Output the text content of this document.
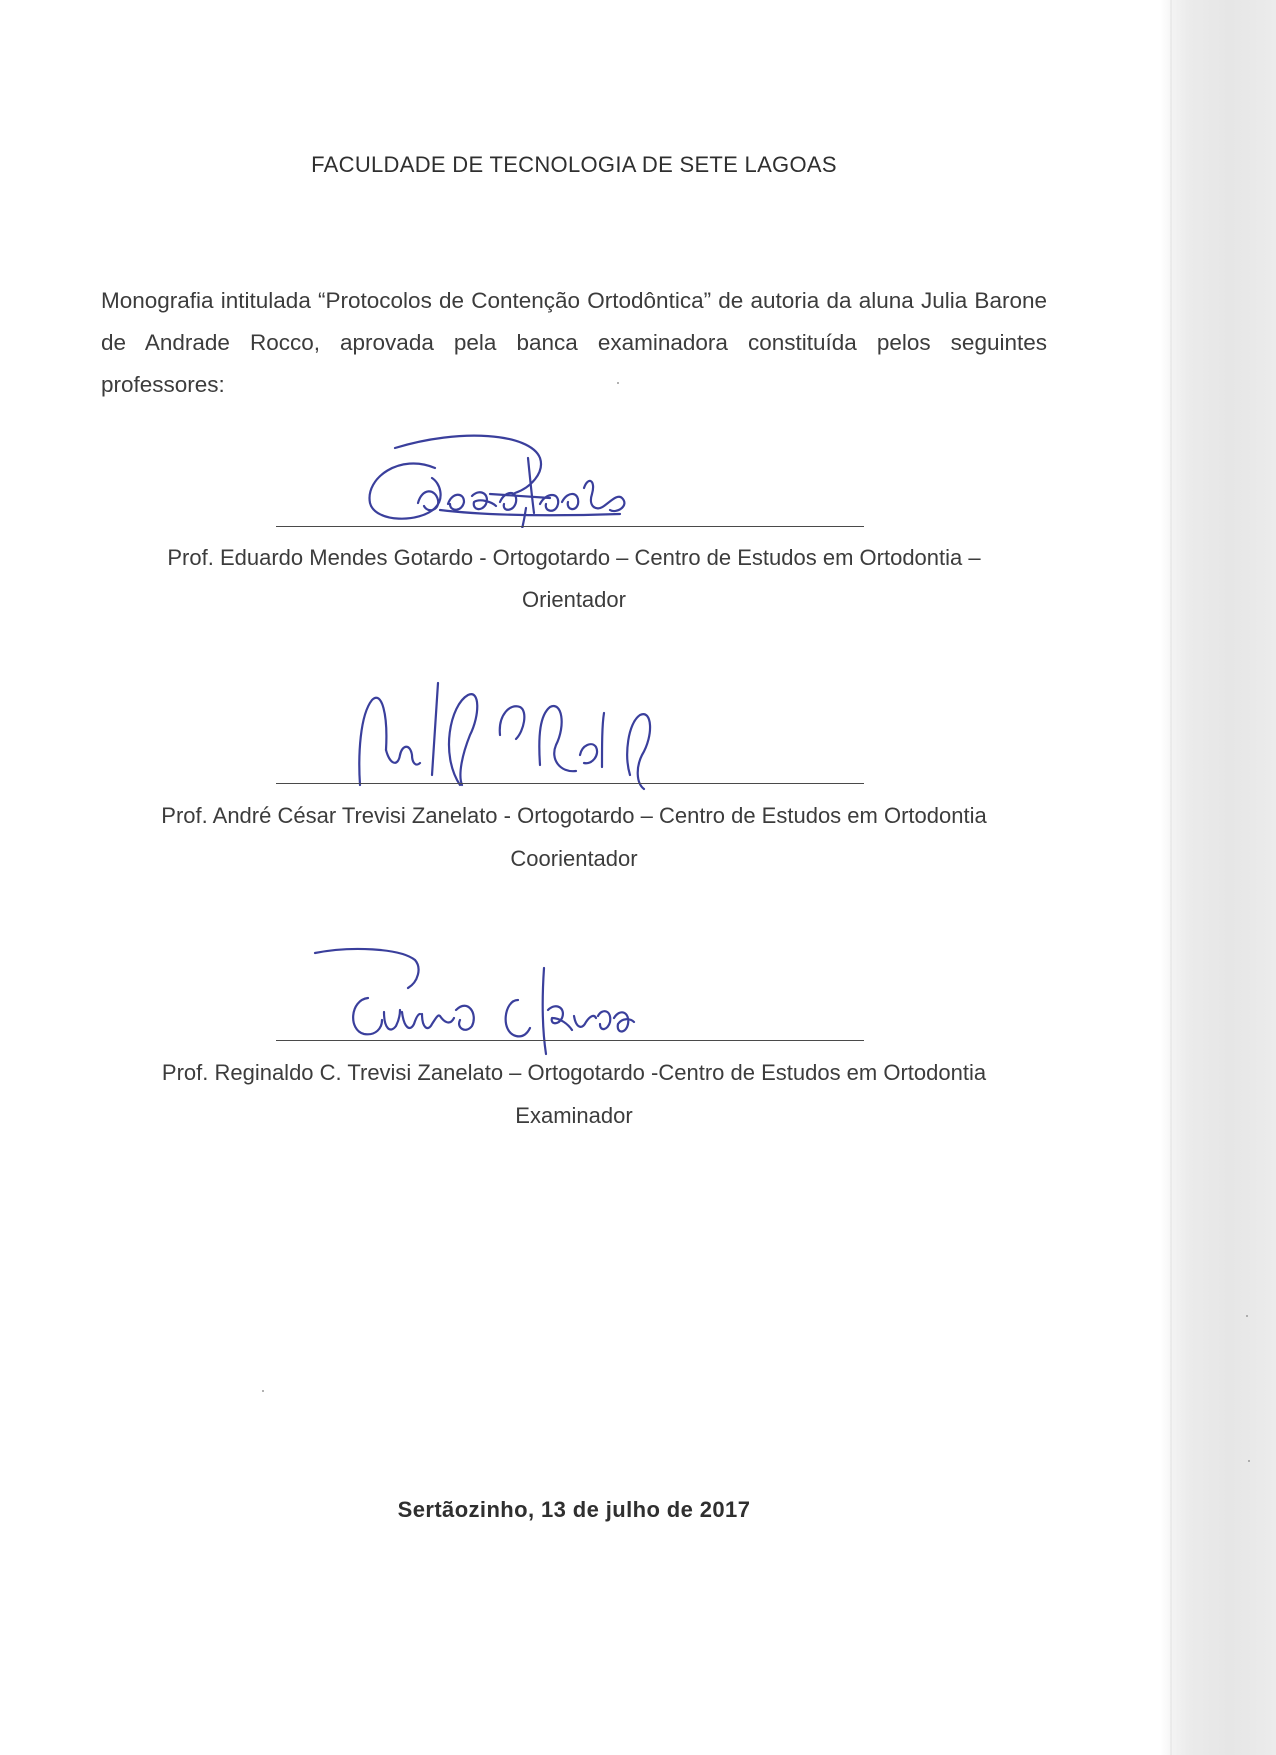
FACULDADE DE TECNOLOGIA DE SETE LAGOAS
Monografia intitulada “Protocolos de Contenção Ortodôntica” de autoria da aluna Julia Barone de Andrade Rocco, aprovada pela banca examinadora constituída pelos seguintes professores:
Prof. Eduardo Mendes Gotardo - Ortogotardo – Centro de Estudos em Ortodontia –
Orientador
Prof. André César Trevisi Zanelato - Ortogotardo – Centro de Estudos em Ortodontia
Coorientador
Prof. Reginaldo C. Trevisi Zanelato – Ortogotardo -Centro de Estudos em Ortodontia
Examinador
Sertãozinho, 13 de julho de 2017
